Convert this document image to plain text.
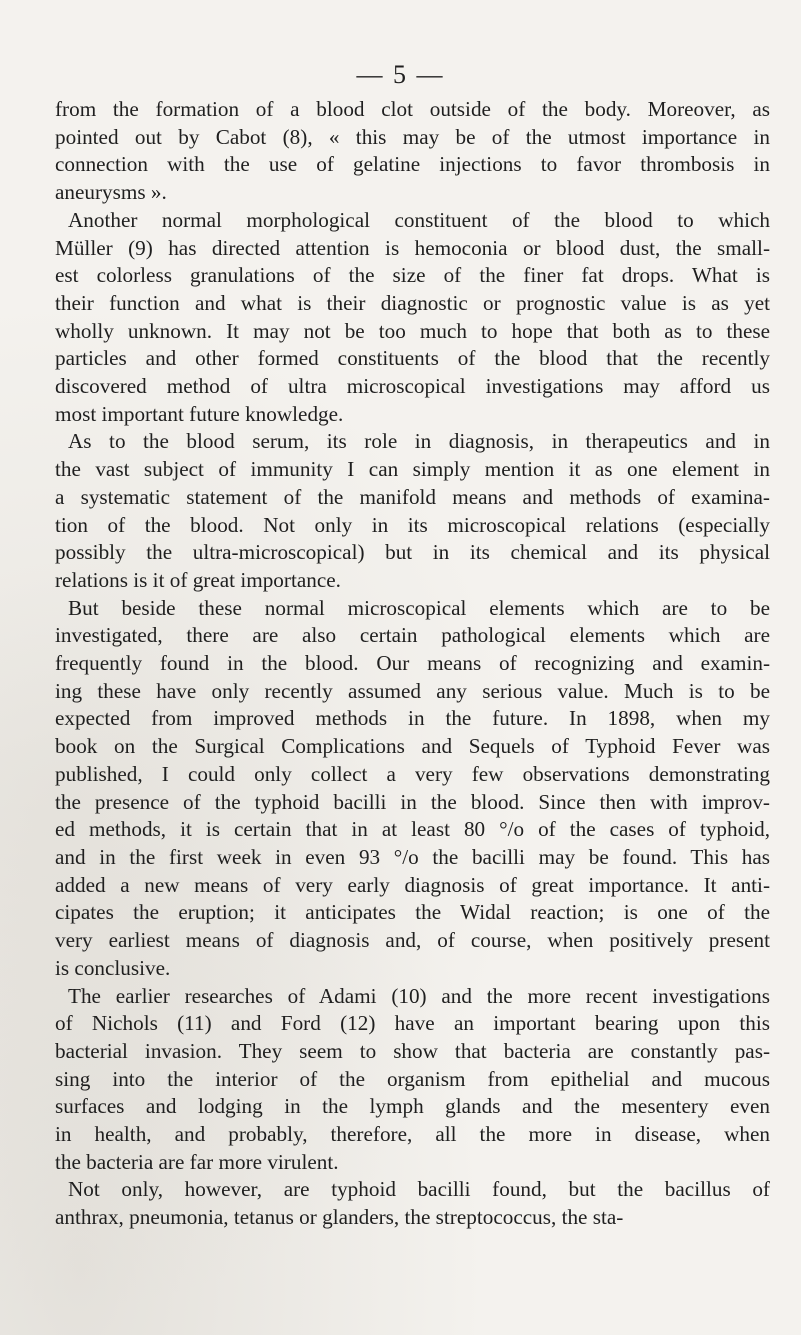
— 5 —
from the formation of a blood clot outside of the body. Moreover, as
pointed out by Cabot (8), « this may be of the utmost importance in
connection with the use of gelatine injections to favor thrombosis in
aneurysms ».
Another normal morphological constituent of the blood to which
Müller (9) has directed attention is hemoconia or blood dust, the small-
est colorless granulations of the size of the finer fat drops. What is
their function and what is their diagnostic or prognostic value is as yet
wholly unknown. It may not be too much to hope that both as to these
particles and other formed constituents of the blood that the recently
discovered method of ultra microscopical investigations may afford us
most important future knowledge.
As to the blood serum, its role in diagnosis, in therapeutics and in
the vast subject of immunity I can simply mention it as one element in
a systematic statement of the manifold means and methods of examina-
tion of the blood. Not only in its microscopical relations (especially
possibly the ultra-microscopical) but in its chemical and its physical
relations is it of great importance.
But beside these normal microscopical elements which are to be
investigated, there are also certain pathological elements which are
frequently found in the blood. Our means of recognizing and examin-
ing these have only recently assumed any serious value. Much is to be
expected from improved methods in the future. In 1898, when my
book on the Surgical Complications and Sequels of Typhoid Fever was
published, I could only collect a very few observations demonstrating
the presence of the typhoid bacilli in the blood. Since then with improv-
ed methods, it is certain that in at least 80 °/o of the cases of typhoid,
and in the first week in even 93 °/o the bacilli may be found. This has
added a new means of very early diagnosis of great importance. It anti-
cipates the eruption; it anticipates the Widal reaction; is one of the
very earliest means of diagnosis and, of course, when positively present
is conclusive.
The earlier researches of Adami (10) and the more recent investigations
of Nichols (11) and Ford (12) have an important bearing upon this
bacterial invasion. They seem to show that bacteria are constantly pas-
sing into the interior of the organism from epithelial and mucous
surfaces and lodging in the lymph glands and the mesentery even
in health, and probably, therefore, all the more in disease, when
the bacteria are far more virulent.
Not only, however, are typhoid bacilli found, but the bacillus of
anthrax, pneumonia, tetanus or glanders, the streptococcus, the sta-
